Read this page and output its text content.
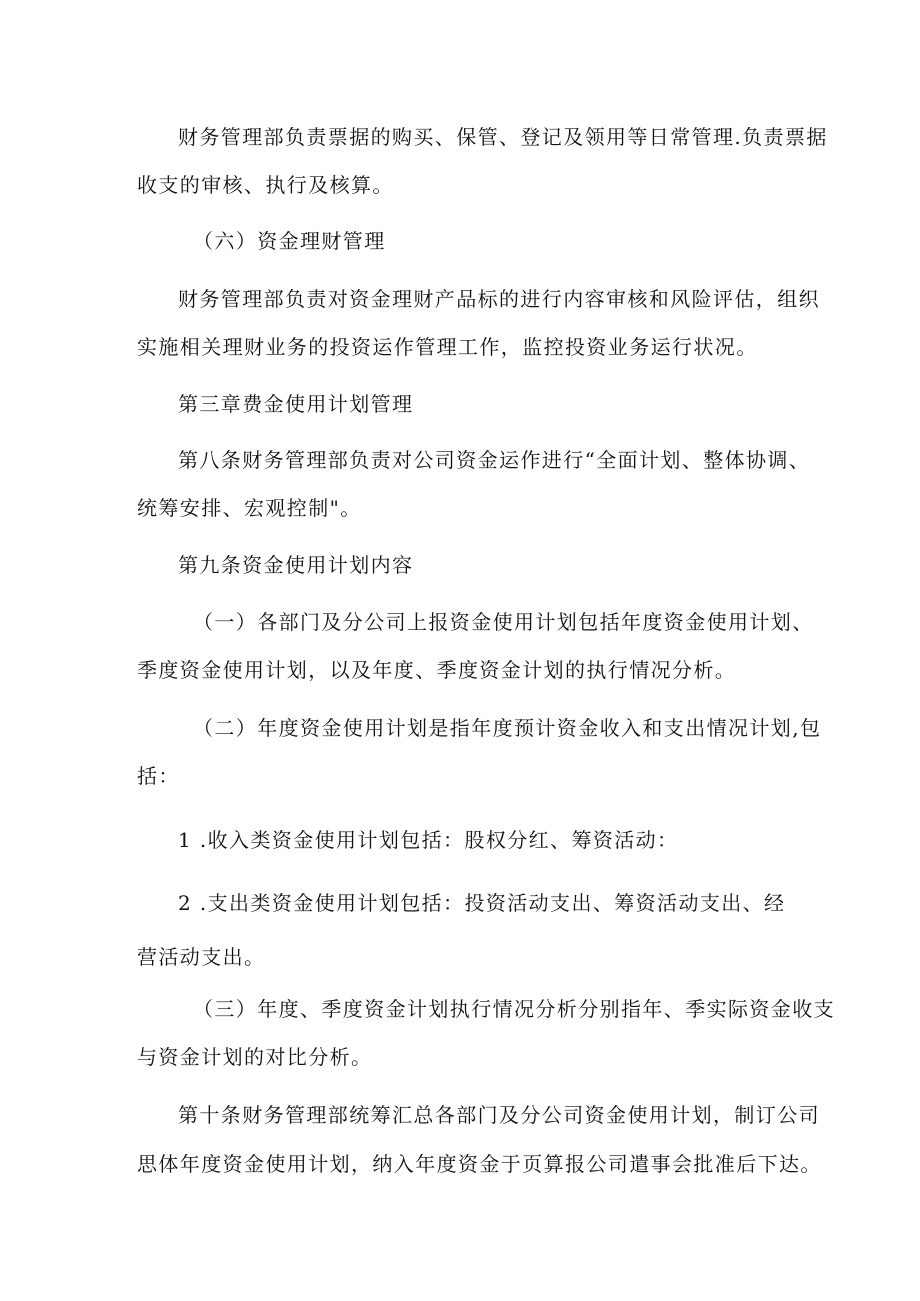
财务管理部负责票据的购买、保管、登记及领用等日常管理.负责票据
收支的审核、执行及核算。
（六）资金理财管理
财务管理部负责对资金理财产品标的进行内容审核和风险评估，组织
实施相关理财业务的投资运作管理工作，监控投资业务运行状况。
第三章费金使用计划管理
第八条财务管理部负责对公司资金运作进行“全面计划、整体协调、
统筹安排、宏观控制"。
第九条资金使用计划内容
（一）各部门及分公司上报资金使用计划包括年度资金使用计划、
季度资金使用计划，以及年度、季度资金计划的执行情况分析。
（二）年度资金使用计划是指年度预计资金收入和支出情况计划,包
括：
1 .收入类资金使用计划包括：股权分红、筹资活动：
2 .支出类资金使用计划包括：投资活动支出、筹资活动支出、经
营活动支出。
（三）年度、季度资金计划执行情况分析分别指年、季实际资金收支
与资金计划的对比分析。
第十条财务管理部统筹汇总各部门及分公司资金使用计划，制订公司
思体年度资金使用计划，纳入年度资金于页算报公司遣事会批准后下达。
